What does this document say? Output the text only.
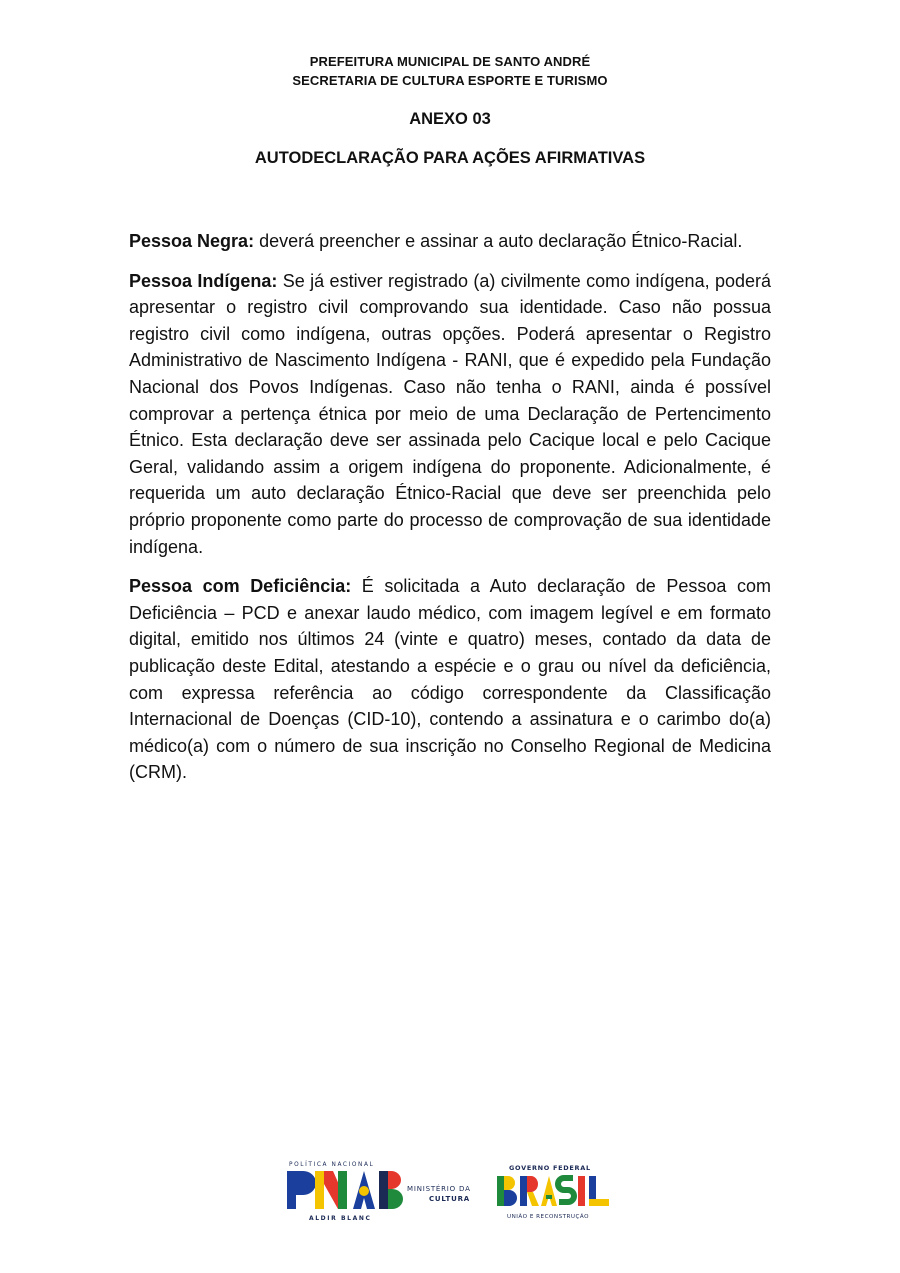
PREFEITURA MUNICIPAL DE SANTO ANDRÉ
SECRETARIA DE CULTURA ESPORTE E TURISMO
ANEXO 03
AUTODECLARAÇÃO PARA AÇÕES AFIRMATIVAS

Pessoa Negra: deverá preencher e assinar a auto declaração Étnico-Racial.

Pessoa Indígena: Se já estiver registrado (a) civilmente como indígena, poderá apresentar o registro civil comprovando sua identidade. Caso não possua registro civil como indígena, outras opções. Poderá apresentar o Registro Administrativo de Nascimento Indígena - RANI, que é expedido pela Fundação Nacional dos Povos Indígenas. Caso não tenha o RANI, ainda é possível comprovar a pertença étnica por meio de uma Declaração de Pertencimento Étnico. Esta declaração deve ser assinada pelo Cacique local e pelo Cacique Geral, validando assim a origem indígena do proponente. Adicionalmente, é requerida um auto declaração Étnico-Racial que deve ser preenchida pelo próprio proponente como parte do processo de comprovação de sua identidade indígena.

Pessoa com Deficiência: É solicitada a Auto declaração de Pessoa com Deficiência – PCD e anexar laudo médico, com imagem legível e em formato digital, emitido nos últimos 24 (vinte e quatro) meses, contado da data de publicação deste Edital, atestando a espécie e o grau ou nível da deficiência, com expressa referência ao código correspondente da Classificação Internacional de Doenças (CID-10), contendo a assinatura e o carimbo do(a) médico(a) com o número de sua inscrição no Conselho Regional de Medicina (CRM).

POLÍTICA NACIONAL
ALDIR BLANC
MINISTÉRIO DA
CULTURA
GOVERNO FEDERAL
UNIÃO E RECONSTRUÇÃO
